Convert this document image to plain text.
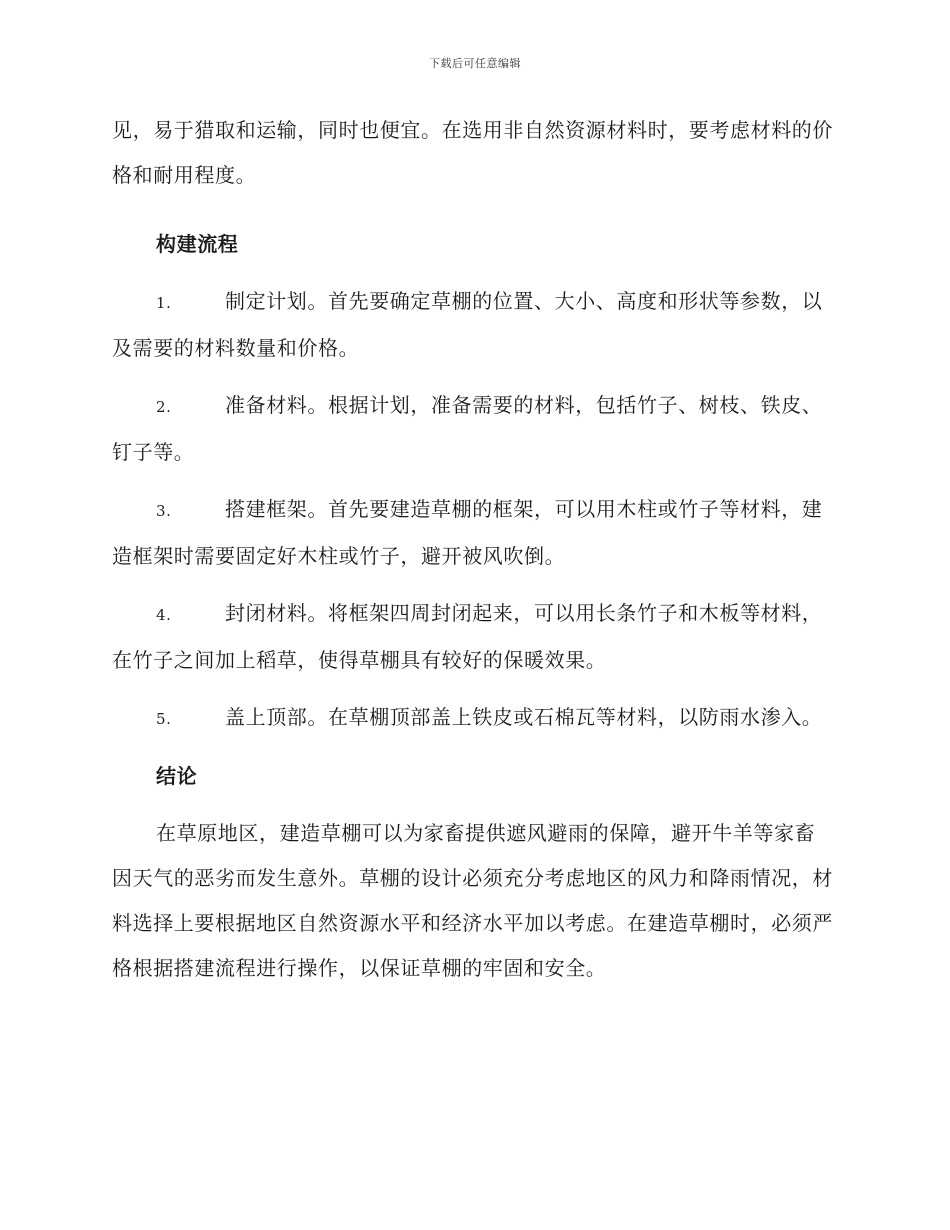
下载后可任意编辑

见，易于猎取和运输，同时也便宜。在选用非自然资源材料时，要考虑材料的价格和耐用程度。

构建流程
1.	制定计划。首先要确定草棚的位置、大小、高度和形状等参数，以及需要的材料数量和价格。
2.	准备材料。根据计划，准备需要的材料，包括竹子、树枝、铁皮、钉子等。
3.	搭建框架。首先要建造草棚的框架，可以用木柱或竹子等材料，建造框架时需要固定好木柱或竹子，避开被风吹倒。
4.	封闭材料。将框架四周封闭起来，可以用长条竹子和木板等材料，在竹子之间加上稻草，使得草棚具有较好的保暖效果。
5.	盖上顶部。在草棚顶部盖上铁皮或石棉瓦等材料，以防雨水渗入。
结论

在草原地区，建造草棚可以为家畜提供遮风避雨的保障，避开牛羊等家畜因天气的恶劣而发生意外。草棚的设计必须充分考虑地区的风力和降雨情况，材料选择上要根据地区自然资源水平和经济水平加以考虑。在建造草棚时，必须严格根据搭建流程进行操作，以保证草棚的牢固和安全。
